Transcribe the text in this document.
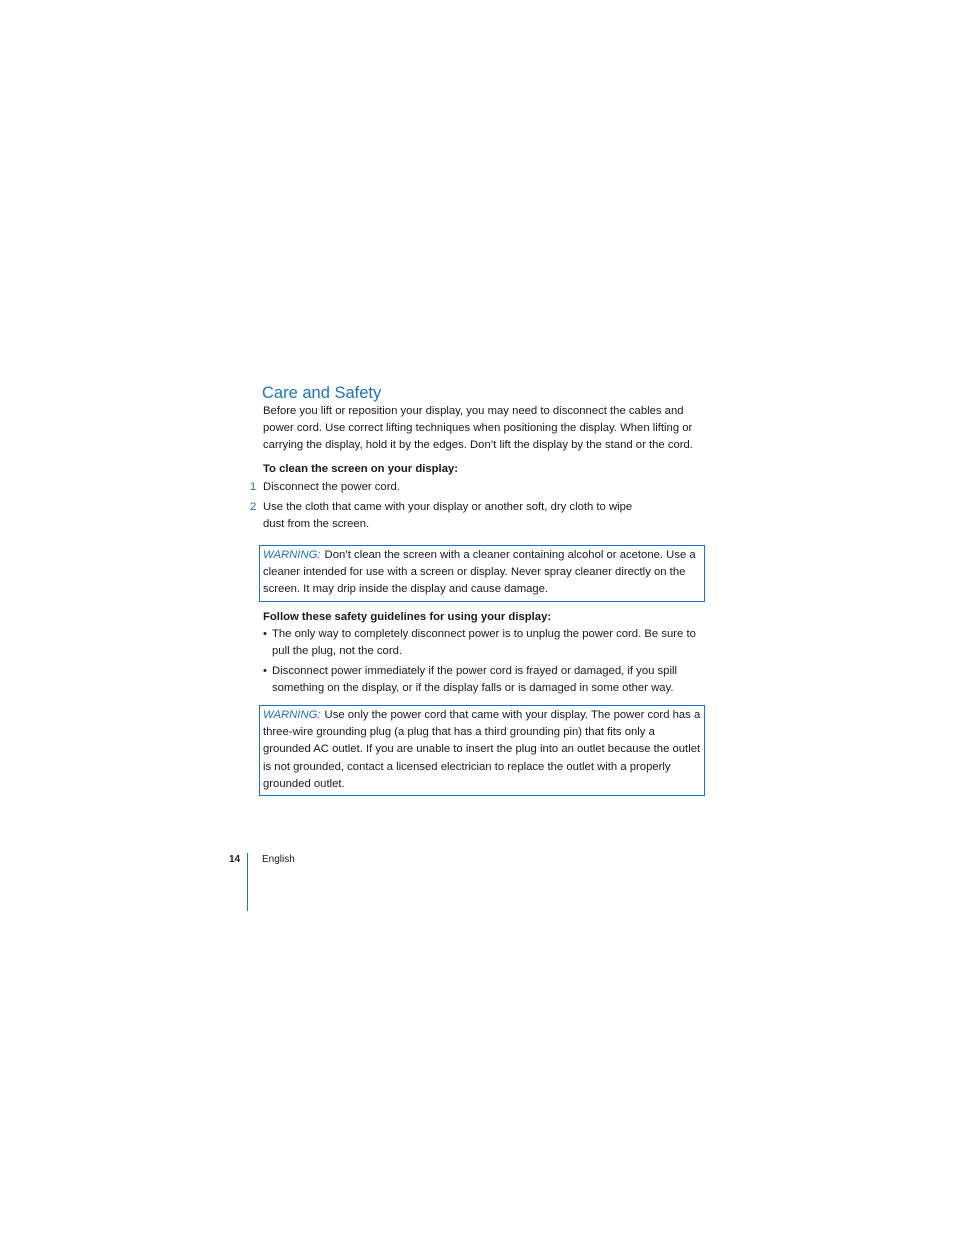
Care and Safety

Before you lift or reposition your display, you may need to disconnect the cables and power cord. Use correct lifting techniques when positioning the display. When lifting or carrying the display, hold it by the edges. Don’t lift the display by the stand or the cord.

To clean the screen on your display:
1 Disconnect the power cord.
2 Use the cloth that came with your display or another soft, dry cloth to wipe dust from the screen.
WARNING: Don’t clean the screen with a cleaner containing alcohol or acetone. Use a cleaner intended for use with a screen or display. Never spray cleaner directly on the screen. It may drip inside the display and cause damage.
Follow these safety guidelines for using your display:
• The only way to completely disconnect power is to unplug the power cord. Be sure to pull the plug, not the cord.
• Disconnect power immediately if the power cord is frayed or damaged, if you spill something on the display, or if the display falls or is damaged in some other way.
WARNING: Use only the power cord that came with your display. The power cord has a three-wire grounding plug (a plug that has a third grounding pin) that fits only a grounded AC outlet. If you are unable to insert the plug into an outlet because the outlet is not grounded, contact a licensed electrician to replace the outlet with a properly grounded outlet.
14 English
